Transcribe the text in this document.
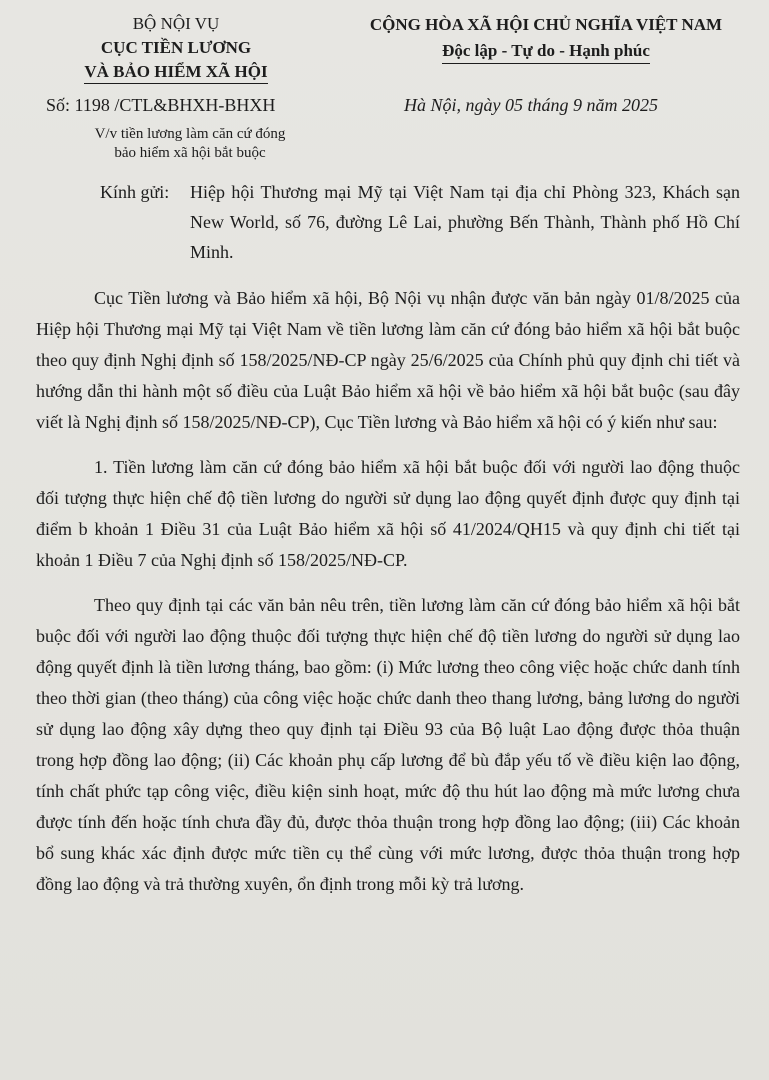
BỘ NỘI VỤ
CỤC TIỀN LƯƠNG
VÀ BẢO HIỂM XÃ HỘI
CỘNG HÒA XÃ HỘI CHỦ NGHĨA VIỆT NAM
Độc lập - Tự do - Hạnh phúc
Số: 1198 /CTL&BHXH-BHXH
V/v tiền lương làm căn cứ đóng
bảo hiểm xã hội bắt buộc
Hà Nội, ngày 05 tháng 9 năm 2025
Kính gửi:	Hiệp hội Thương mại Mỹ tại Việt Nam tại địa chỉ Phòng 323, Khách sạn New World, số 76, đường Lê Lai, phường Bến Thành, Thành phố Hồ Chí Minh.

Cục Tiền lương và Bảo hiểm xã hội, Bộ Nội vụ nhận được văn bản ngày 01/8/2025 của Hiệp hội Thương mại Mỹ tại Việt Nam về tiền lương làm căn cứ đóng bảo hiểm xã hội bắt buộc theo quy định Nghị định số 158/2025/NĐ-CP ngày 25/6/2025 của Chính phủ quy định chi tiết và hướng dẫn thi hành một số điều của Luật Bảo hiểm xã hội về bảo hiểm xã hội bắt buộc (sau đây viết là Nghị định số 158/2025/NĐ-CP), Cục Tiền lương và Bảo hiểm xã hội có ý kiến như sau:

1. Tiền lương làm căn cứ đóng bảo hiểm xã hội bắt buộc đối với người lao động thuộc đối tượng thực hiện chế độ tiền lương do người sử dụng lao động quyết định được quy định tại điểm b khoản 1 Điều 31 của Luật Bảo hiểm xã hội số 41/2024/QH15 và quy định chi tiết tại khoản 1 Điều 7 của Nghị định số 158/2025/NĐ-CP.

Theo quy định tại các văn bản nêu trên, tiền lương làm căn cứ đóng bảo hiểm xã hội bắt buộc đối với người lao động thuộc đối tượng thực hiện chế độ tiền lương do người sử dụng lao động quyết định là tiền lương tháng, bao gồm: (i) Mức lương theo công việc hoặc chức danh tính theo thời gian (theo tháng) của công việc hoặc chức danh theo thang lương, bảng lương do người sử dụng lao động xây dựng theo quy định tại Điều 93 của Bộ luật Lao động được thỏa thuận trong hợp đồng lao động; (ii) Các khoản phụ cấp lương để bù đắp yếu tố về điều kiện lao động, tính chất phức tạp công việc, điều kiện sinh hoạt, mức độ thu hút lao động mà mức lương chưa được tính đến hoặc tính chưa đầy đủ, được thỏa thuận trong hợp đồng lao động; (iii) Các khoản bổ sung khác xác định được mức tiền cụ thể cùng với mức lương, được thỏa thuận trong hợp đồng lao động và trả thường xuyên, ổn định trong mỗi kỳ trả lương.
